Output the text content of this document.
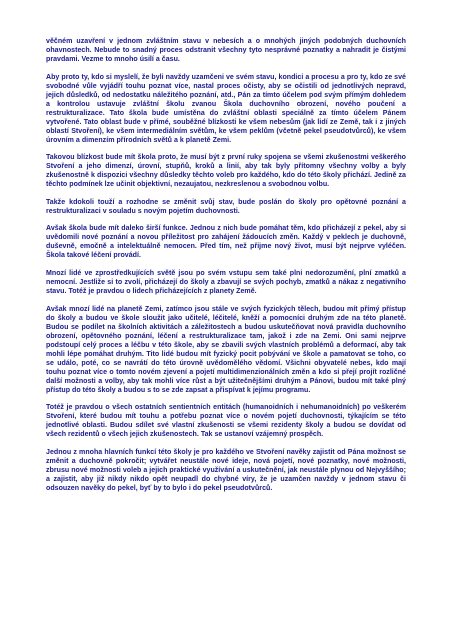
věčném uzavření v jednom zvláštním stavu v nebesích a o mnohých jiných podobných duchovních ohavnostech. Nebude to snadný proces odstranit všechny tyto nesprávné poznatky a nahradit je čistými pravdami. Vezme to mnoho úsilí a času.

Aby proto ty, kdo si myslelí, že byli navždy uzamčeni ve svém stavu, kondici a procesu a pro ty, kdo ze své svobodné vůle vyjádří touhu poznat více, nastal proces očisty, aby se očistili od jednotlivých nepravd, jejich důsledků, od nedostatku náležitého poznání, atd., Pán za tímto účelem pod svým přímým dohledem a kontrolou ustavuje zvláštní školu zvanou Škola duchovního obrození, nového poučení a restrukturalizace. Tato škola bude umístěna do zvláštní oblasti speciálně za tímto účelem Pánem vytvořené. Tato oblast bude v přímé, souběžné blízkosti ke všem nebesům (jak lidí ze Země, tak i z jiných oblastí Stvoření), ke všem intermediálním světům, ke všem peklům (včetně pekel pseudotvůrců), ke všem úrovním a dimenzím přírodních světů a k planetě Zemi.

Takovou blízkost bude mít škola proto, že musí být z první ruky spojena se všemi zkušenostmi veškerého Stvoření a jeho dimenzí, úrovní, stupňů, kroků a linií, aby tak byly přítomny všechny volby a byly zkušenostně k dispozici všechny důsledky těchto voleb pro každého, kdo do této školy přichází. Jedině za těchto podmínek lze učinit objektivní, nezaujatou, nezkreslenou a svobodnou volbu.

Takže kdokoli touží a rozhodne se změnit svůj stav, bude poslán do školy pro opětovné poznání a restrukturalizaci v souladu s novým pojetím duchovnosti.

Avšak škola bude mít daleko širší funkce. Jednou z nich bude pomáhat těm, kdo přicházejí z pekel, aby si uvědomili nové poznání a novou příležitost pro zahájení žádoucích změn. Každý v peklech je duchovně, duševně, emočně a intelektuálně nemocen. Před tím, než přijme nový život, musí být nejprve vyléčen. Škola takové léčení provádí.

Mnozí lidé ve zprostředkujících světě jsou po svém vstupu sem také plni nedorozumění, plní zmatků a nemocní. Jestliže si to zvolí, přicházejí do školy a zbavují se svých pochyb, zmatků a nákaz z negativního stavu. Totéž je pravdou o lidech přicházejících z planety Země.

Avšak mnozí lidé na planetě Zemi, zatímco jsou stále ve svých fyzických tělech, budou mít přímý přístup do školy a budou ve škole sloužit jako učitelé, léčitelé, kněží a pomocníci druhým zde na této planetě. Budou se podílet na školních aktivitách a záležitostech a budou uskutečňovat nová pravidla duchovního obrození, opětovného poznání, léčení a restrukturalizace tam, jakož i zde na Zemi. Oni sami nejprve podstoupí celý proces a léčbu v této škole, aby se zbavili svých vlastních problémů a deformací, aby tak mohli lépe pomáhat druhým. Tito lidé budou mít fyzický pocit pobývání ve škole a pamatovat se toho, co se událo, poté, co se navrátí do této úrovně uvědomělého vědomí. Všichni obyvatelé nebes, kdo mají touhu poznat více o tomto novém zjevení a pojetí multidimenzionálních změn a kdo si přejí projít rozličné další možnosti a volby, aby tak mohli více růst a být užitečnějšími druhým a Pánovi, budou mít také plný přístup do této školy a budou s to se zde zapsat a přispívat k jejímu programu.

Totéž je pravdou o všech ostatních sentientních entitách (humanoidních i nehumanoidních) po veškerém Stvoření, které budou mít touhu a potřebu poznat více o novém pojetí duchovnosti, týkajícím se této jednotlivé oblasti. Budou sdílet své vlastní zkušenosti se všemi rezidenty školy a budou se dovídat od všech rezidentů o všech jejich zkušenostech. Tak se ustanoví vzájemný prospěch.

Jednou z mnoha hlavních funkcí této školy je pro každého ve Stvoření navěky zajistit od Pána možnost se změnit a duchovně pokročit; vytvářet neustále nové ideje, nová pojetí, nové poznatky, nové možnosti, zbrusu nové možnosti voleb a jejich praktické využívání a uskutečnění, jak neustále plynou od Nejvyššího; a zajistit, aby již nikdy nikdo opět neupadl do chybné víry, že je uzamčen navždy v jednom stavu či odsouzen navěky do pekel, byť by to bylo i do pekel pseudotvůrců.
